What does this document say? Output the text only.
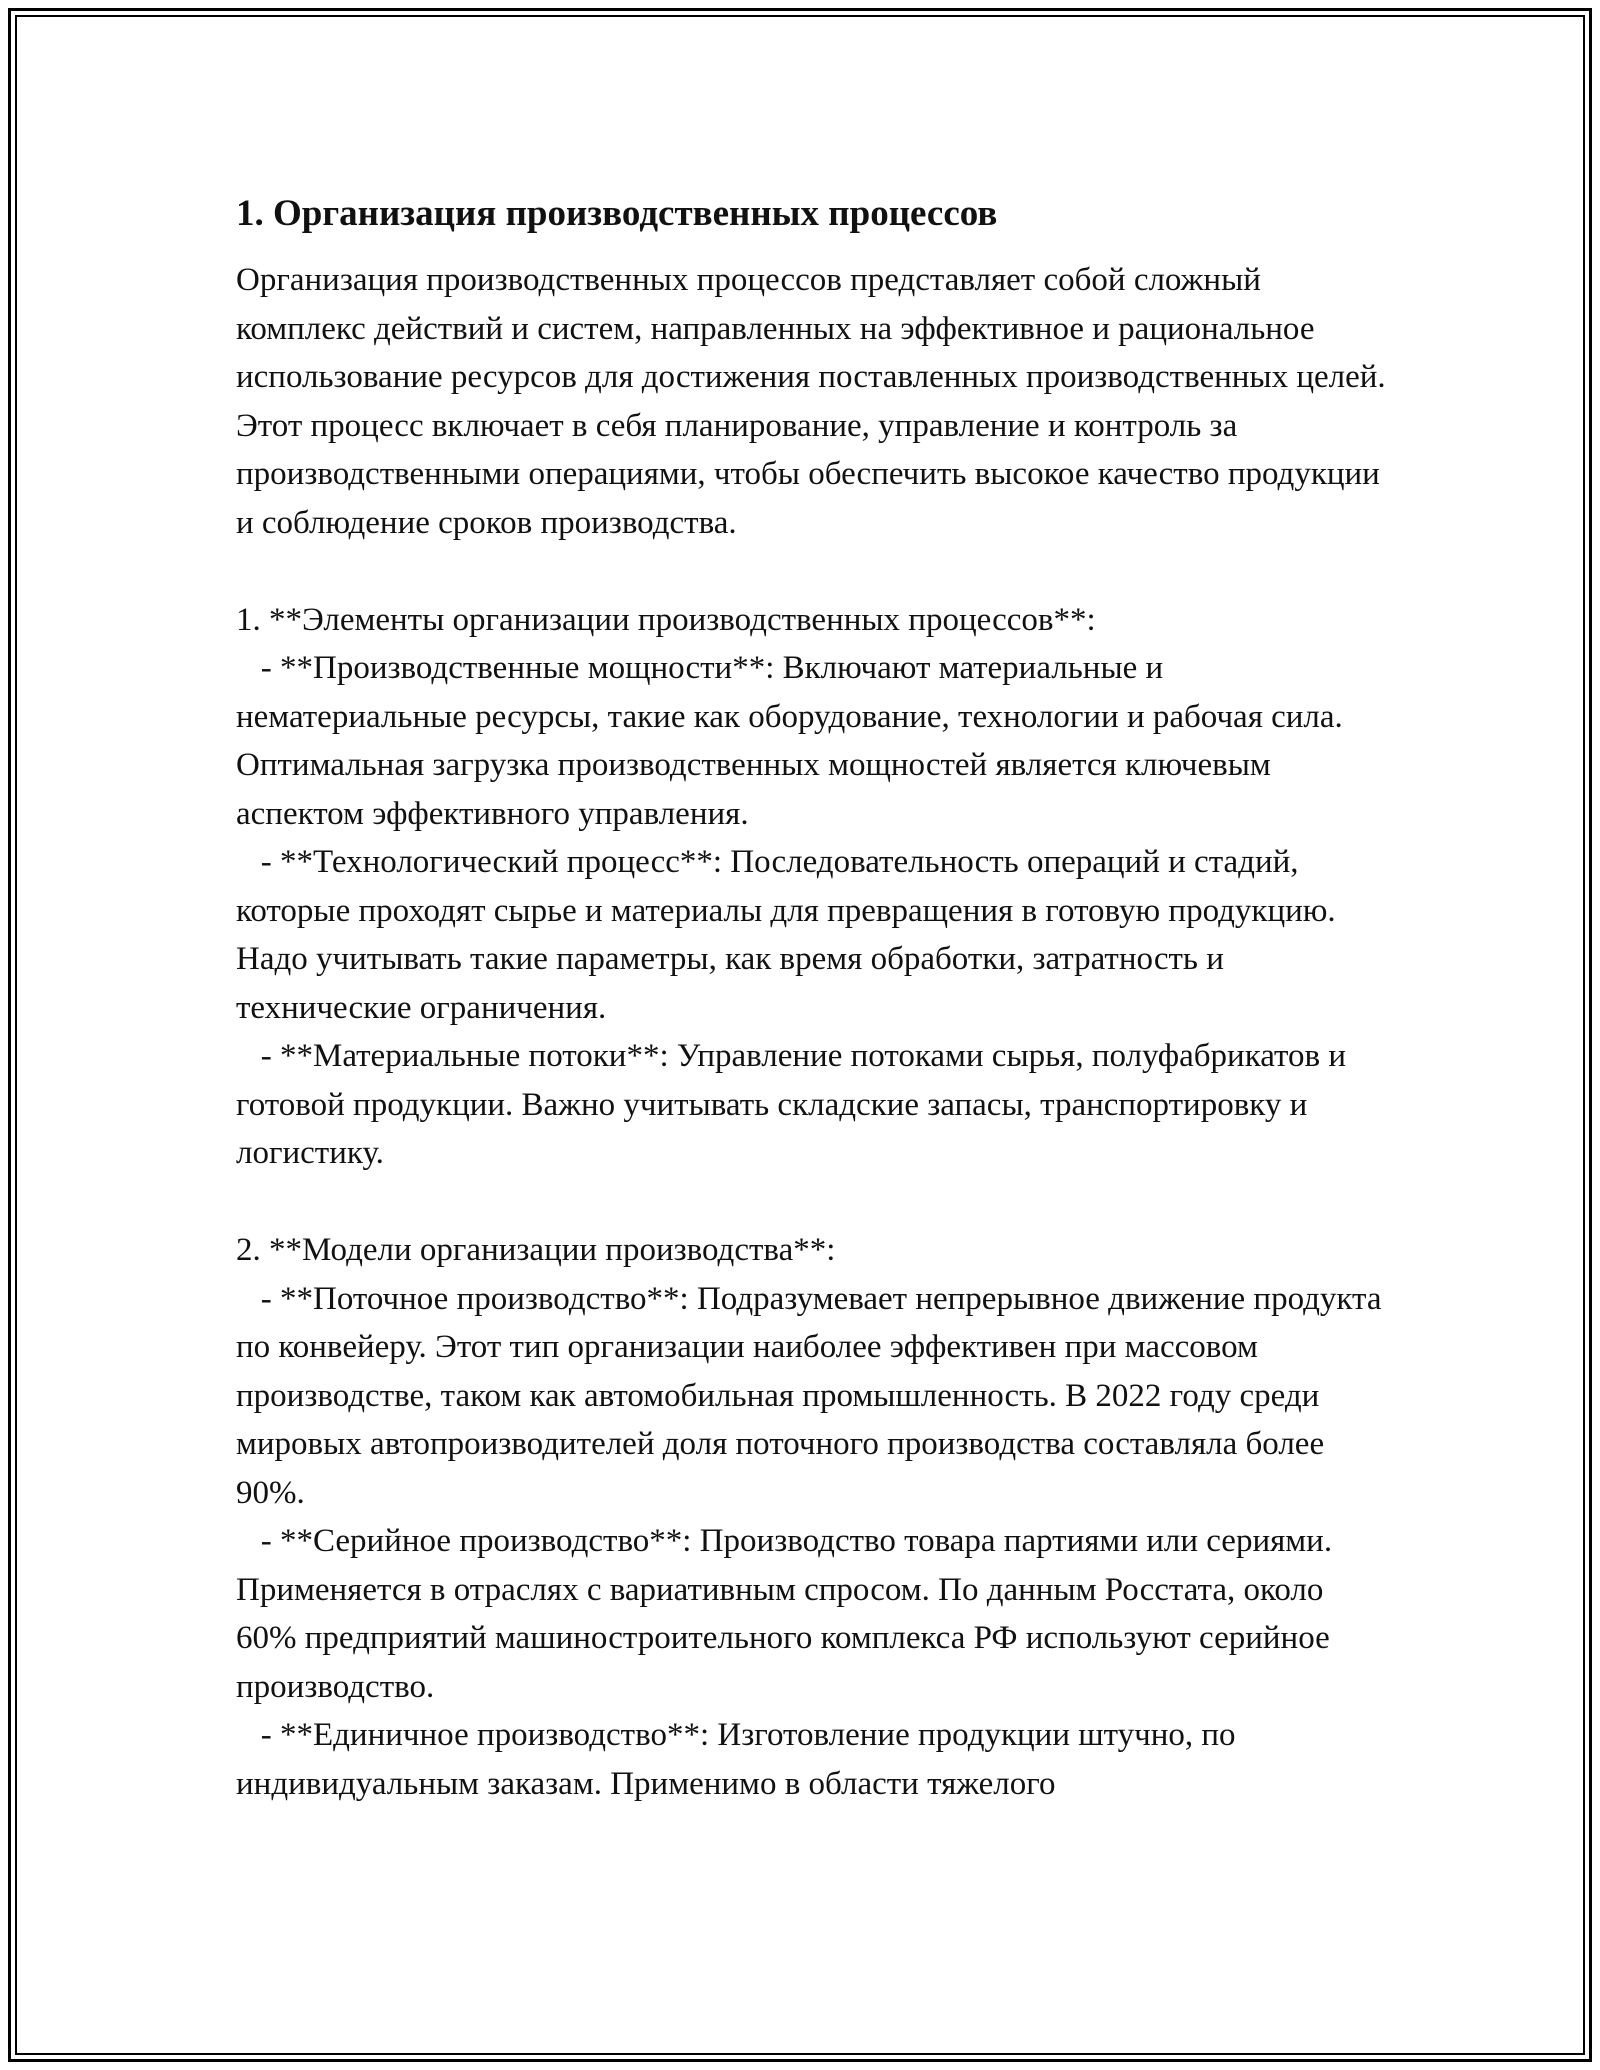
1. Организация производственных процессов

Организация производственных процессов представляет собой сложный комплекс действий и систем, направленных на эффективное и рациональное использование ресурсов для достижения поставленных производственных целей. Этот процесс включает в себя планирование, управление и контроль за производственными операциями, чтобы обеспечить высокое качество продукции и соблюдение сроков производства.

1. **Элементы организации производственных процессов**:
- **Производственные мощности**: Включают материальные и нематериальные ресурсы, такие как оборудование, технологии и рабочая сила. Оптимальная загрузка производственных мощностей является ключевым аспектом эффективного управления.
- **Технологический процесс**: Последовательность операций и стадий, которые проходят сырье и материалы для превращения в готовую продукцию. Надо учитывать такие параметры, как время обработки, затратность и технические ограничения.
- **Материальные потоки**: Управление потоками сырья, полуфабрикатов и готовой продукции. Важно учитывать складские запасы, транспортировку и логистику.
2. **Модели организации производства**:
- **Поточное производство**: Подразумевает непрерывное движение продукта по конвейеру. Этот тип организации наиболее эффективен при массовом производстве, таком как автомобильная промышленность. В 2022 году среди мировых автопроизводителей доля поточного производства составляла более 90%.
- **Серийное производство**: Производство товара партиями или сериями. Применяется в отраслях с вариативным спросом. По данным Росстата, около 60% предприятий машиностроительного комплекса РФ используют серийное производство.
- **Единичное производство**: Изготовление продукции штучно, по индивидуальным заказам. Применимо в области тяжелого
